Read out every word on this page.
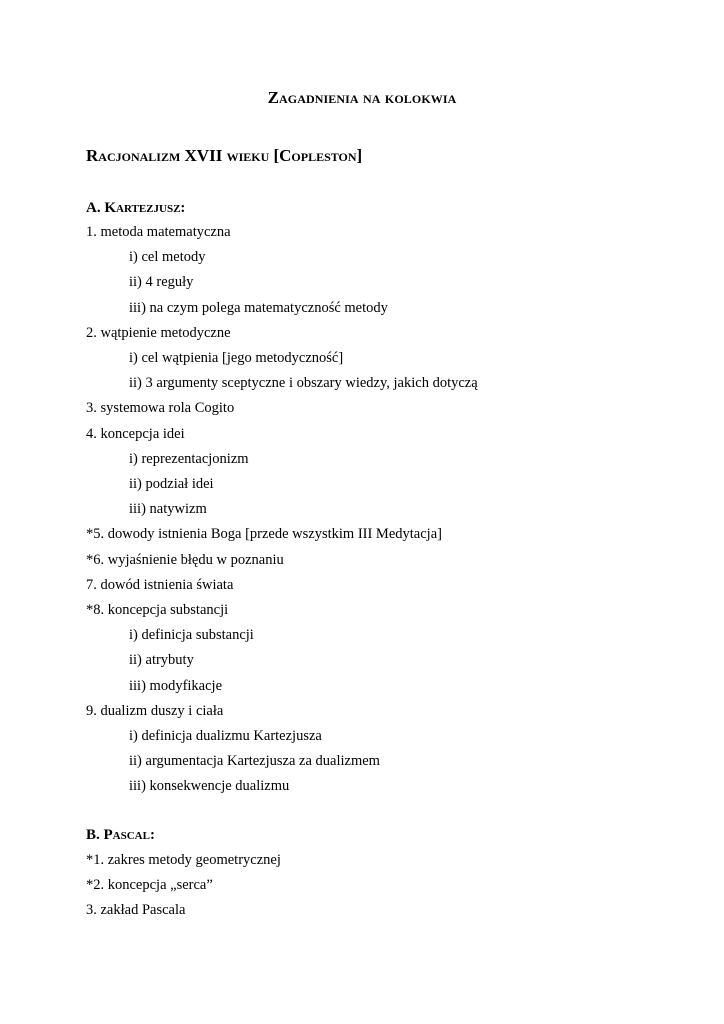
Zagadnienia na kolokwia
Racjonalizm XVII wieku [Copleston]
A. Kartezjusz:
1. metoda matematyczna
i) cel metody
ii) 4 reguły
iii) na czym polega matematyczność metody
2. wątpienie metodyczne
i) cel wątpienia [jego metodyczność]
ii) 3 argumenty sceptyczne i obszary wiedzy, jakich dotyczą
3. systemowa rola Cogito
4. koncepcja idei
i) reprezentacjonizm
ii) podział idei
iii) natywizm
*5. dowody istnienia Boga [przede wszystkim III Medytacja]
*6. wyjaśnienie błędu w poznaniu
7. dowód istnienia świata
*8. koncepcja substancji
i) definicja substancji
ii) atrybuty
iii) modyfikacje
9. dualizm duszy i ciała
i) definicja dualizmu Kartezjusza
ii) argumentacja Kartezjusza za dualizmem
iii) konsekwencje dualizmu
B. Pascal:
*1. zakres metody geometrycznej
*2. koncepcja „serca”
3. zakład Pascala
